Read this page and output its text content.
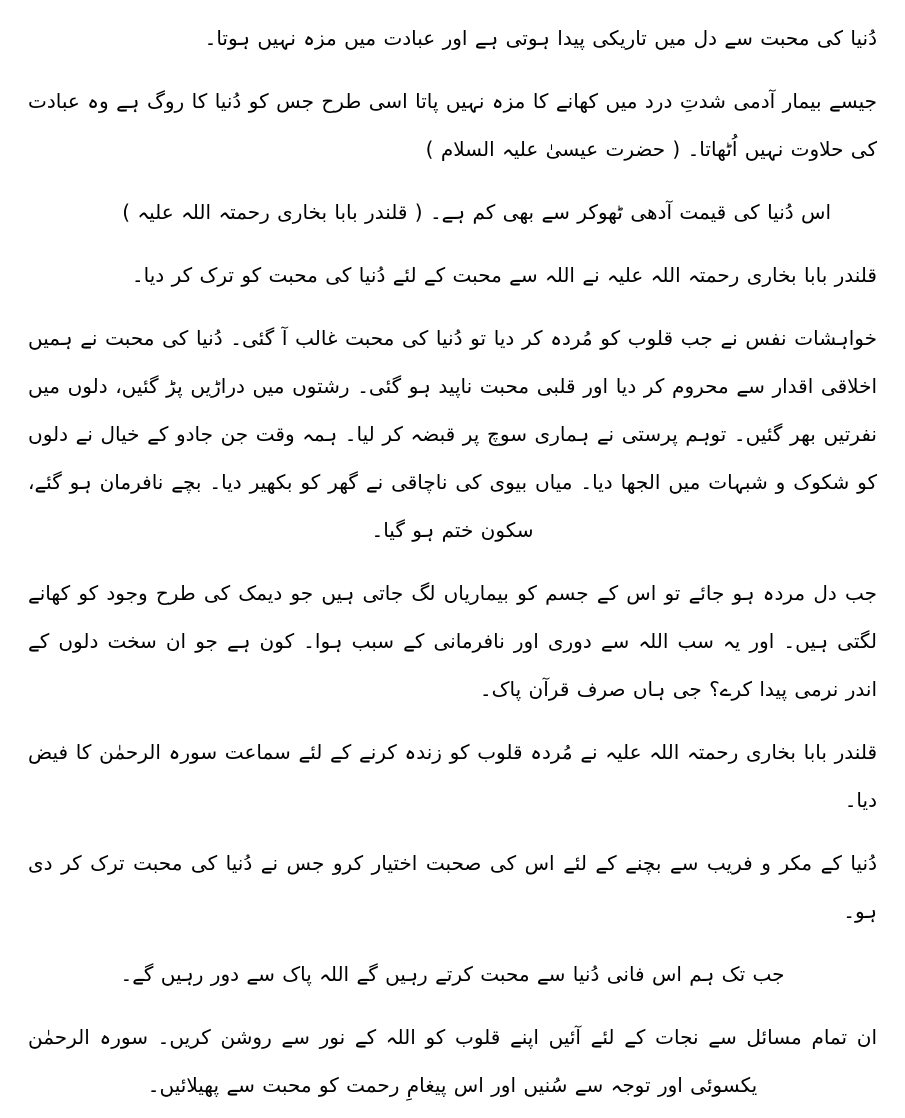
دُنیا کی محبت سے دل میں تاریکی پیدا ہوتی ہے اور عبادت میں مزہ نہیں ہوتا۔
جیسے بیمار آدمی شدتِ درد میں کھانے کا مزہ نہیں پاتا اسی طرح جس کو دُنیا کا روگ ہے وہ عبادت کی حلاوت نہیں اُٹھاتا۔ ( حضرت عیسیٰ علیہ السلام )
اس دُنیا کی قیمت آدھی ٹھوکر سے بھی کم ہے۔ ( قلندر بابا بخاری رحمتہ اللہ علیہ )
قلندر بابا بخاری رحمتہ اللہ علیہ نے اللہ سے محبت کے لئے دُنیا کی محبت کو ترک کر دیا۔
خواہشات نفس نے جب قلوب کو مُردہ کر دیا تو دُنیا کی محبت غالب آ گئی۔ دُنیا کی محبت نے ہمیں اخلاقی اقدار سے محروم کر دیا اور قلبی محبت ناپید ہو گئی۔ رشتوں میں دراڑیں پڑ گئیں، دلوں میں نفرتیں بھر گئیں۔ توہم پرستی نے ہماری سوچ پر قبضہ کر لیا۔ ہمہ وقت جن جادو کے خیال نے دلوں کو شکوک و شبہات میں الجھا دیا۔ میاں بیوی کی ناچاقی نے گھر کو بکھیر دیا۔ بچے نافرمان ہو گئے، سکون ختم ہو گیا۔
جب دل مردہ ہو جائے تو اس کے جسم کو بیماریاں لگ جاتی ہیں جو دیمک کی طرح وجود کو کھانے لگتی ہیں۔ اور یہ سب اللہ سے دوری اور نافرمانی کے سبب ہوا۔ کون ہے جو ان سخت دلوں کے اندر نرمی پیدا کرے؟ جی ہاں صرف قرآن پاک۔
قلندر بابا بخاری رحمتہ اللہ علیہ نے مُردہ قلوب کو زندہ کرنے کے لئے سماعت سورہ الرحمٰن کا فیض دیا۔
دُنیا کے مکر و فریب سے بچنے کے لئے اس کی صحبت اختیار کرو جس نے دُنیا کی محبت ترک کر دی ہو۔
جب تک ہم اس فانی دُنیا سے محبت کرتے رہیں گے اللہ پاک سے دور رہیں گے۔
ان تمام مسائل سے نجات کے لئے آئیں اپنے قلوب کو اللہ کے نور سے روشن کریں۔ سورہ الرحمٰن یکسوئی اور توجہ سے سُنیں اور اس پیغامِ رحمت کو محبت سے پھیلائیں۔
